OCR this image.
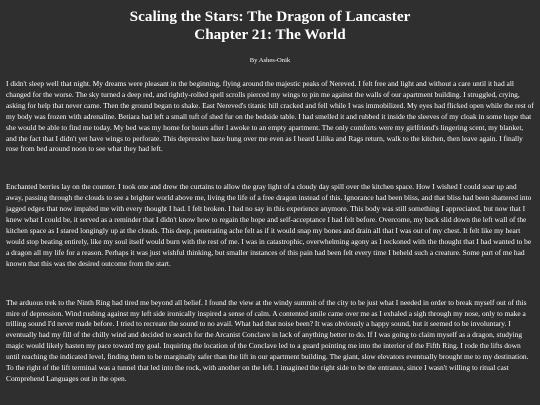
Scaling the Stars: The Dragon of Lancaster
Chapter 21: The World

By Ashes-Onik

I didn't sleep well that night. My dreams were pleasant in the beginning, flying around the majestic peaks of Nereved. I felt free and light and without a care until it had all changed for the worse. The sky turned a deep red, and tightly-rolled spell scrolls pierced my wings to pin me against the walls of our apartment building. I struggled, crying, asking for help that never came. Then the ground began to shake. East Nereved's titanic hill cracked and fell while I was immobilized. My eyes had flicked open while the rest of my body was frozen with adrenaline. Betiara had left a small tuft of shed fur on the bedside table. I had smelled it and rubbed it inside the sleeves of my cloak in some hope that she would be able to find me today. My bed was my home for hours after I awoke to an empty apartment. The only comforts were my girlfriend's lingering scent, my blanket, and the fact that I didn't yet have wings to perforate. This depressive haze hung over me even as I heard Lilika and Rags return, walk to the kitchen, then leave again. I finally rose from bed around noon to see what they had left.

Enchanted berries lay on the counter. I took one and drew the curtains to allow the gray light of a cloudy day spill over the kitchen space. How I wished I could soar up and away, passing through the clouds to see a brighter world above me, living the life of a free dragon instead of this. Ignorance had been bliss, and that bliss had been shattered into jagged edges that now impaled me with every thought I had. I felt broken. I had no say in this experience anymore. This body was still something I appreciated, but now that I knew what I could be, it served as a reminder that I didn't know how to regain the hope and self-acceptance I had felt before. Overcome, my back slid down the left wall of the kitchen space as I stared longingly up at the clouds. This deep, penetrating ache felt as if it would snap my bones and drain all that I was out of my chest. It felt like my heart would stop beating entirely, like my soul itself would burn with the rest of me. I was in catastrophic, overwhelming agony as I reckoned with the thought that I had wanted to be a dragon all my life for a reason. Perhaps it was just wishful thinking, but smaller instances of this pain had been felt every time I beheld such a creature. Some part of me had known that this was the desired outcome from the start.

The arduous trek to the Ninth Ring had tired me beyond all belief. I found the view at the windy summit of the city to be just what I needed in order to break myself out of this mire of depression. Wind rushing against my left side ironically inspired a sense of calm. A contented smile came over me as I exhaled a sigh through my nose, only to make a trilling sound I'd never made before. I tried to recreate the sound to no avail. What had that noise been? It was obviously a happy sound, but it seemed to be involuntary. I eventually had my fill of the chilly wind and decided to search for the Arcanist Conclave in lack of anything better to do. If I was going to claim myself as a dragon, studying magic would likely hasten my pace toward my goal. Inquiring the location of the Conclave led to a guard pointing me into the interior of the Fifth Ring. I rode the lifts down until reaching the indicated level, finding them to be marginally safer than the lift in our apartment building. The giant, slow elevators eventually brought me to my destination. To the right of the lift terminal was a tunnel that led into the rock, with another on the left. I imagined the right side to be the entrance, since I wasn't willing to ritual cast Comprehend Languages out in the open.
